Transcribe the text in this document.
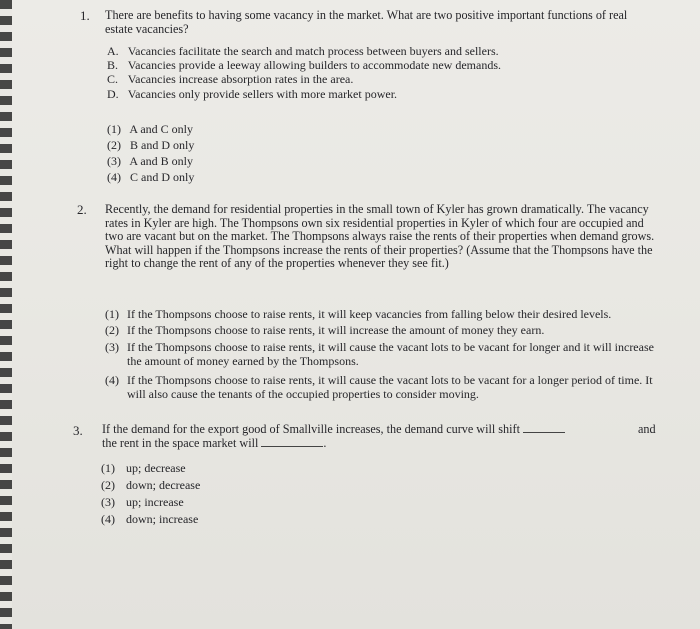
1. There are benefits to having some vacancy in the market. What are two positive important functions of real estate vacancies?
A. Vacancies facilitate the search and match process between buyers and sellers.
B. Vacancies provide a leeway allowing builders to accommodate new demands.
C. Vacancies increase absorption rates in the area.
D. Vacancies only provide sellers with more market power.
(1) A and C only
(2) B and D only
(3) A and B only
(4) C and D only
2. Recently, the demand for residential properties in the small town of Kyler has grown dramatically. The vacancy rates in Kyler are high. The Thompsons own six residential properties in Kyler of which four are occupied and two are vacant but on the market. The Thompsons always raise the rents of their properties when demand grows. What will happen if the Thompsons increase the rents of their properties? (Assume that the Thompsons have the right to change the rent of any of the properties whenever they see fit.)
(1) If the Thompsons choose to raise rents, it will keep vacancies from falling below their desired levels.
(2) If the Thompsons choose to raise rents, it will increase the amount of money they earn.
(3) If the Thompsons choose to raise rents, it will cause the vacant lots to be vacant for longer and it will increase the amount of money earned by the Thompsons.
(4) If the Thompsons choose to raise rents, it will cause the vacant lots to be vacant for a longer period of time. It will also cause the tenants of the occupied properties to consider moving.
3. If the demand for the export good of Smallville increases, the demand curve will shift	and
the rent in the space market will	.
(1) up; decrease
(2) down; decrease
(3) up; increase
(4) down; increase
